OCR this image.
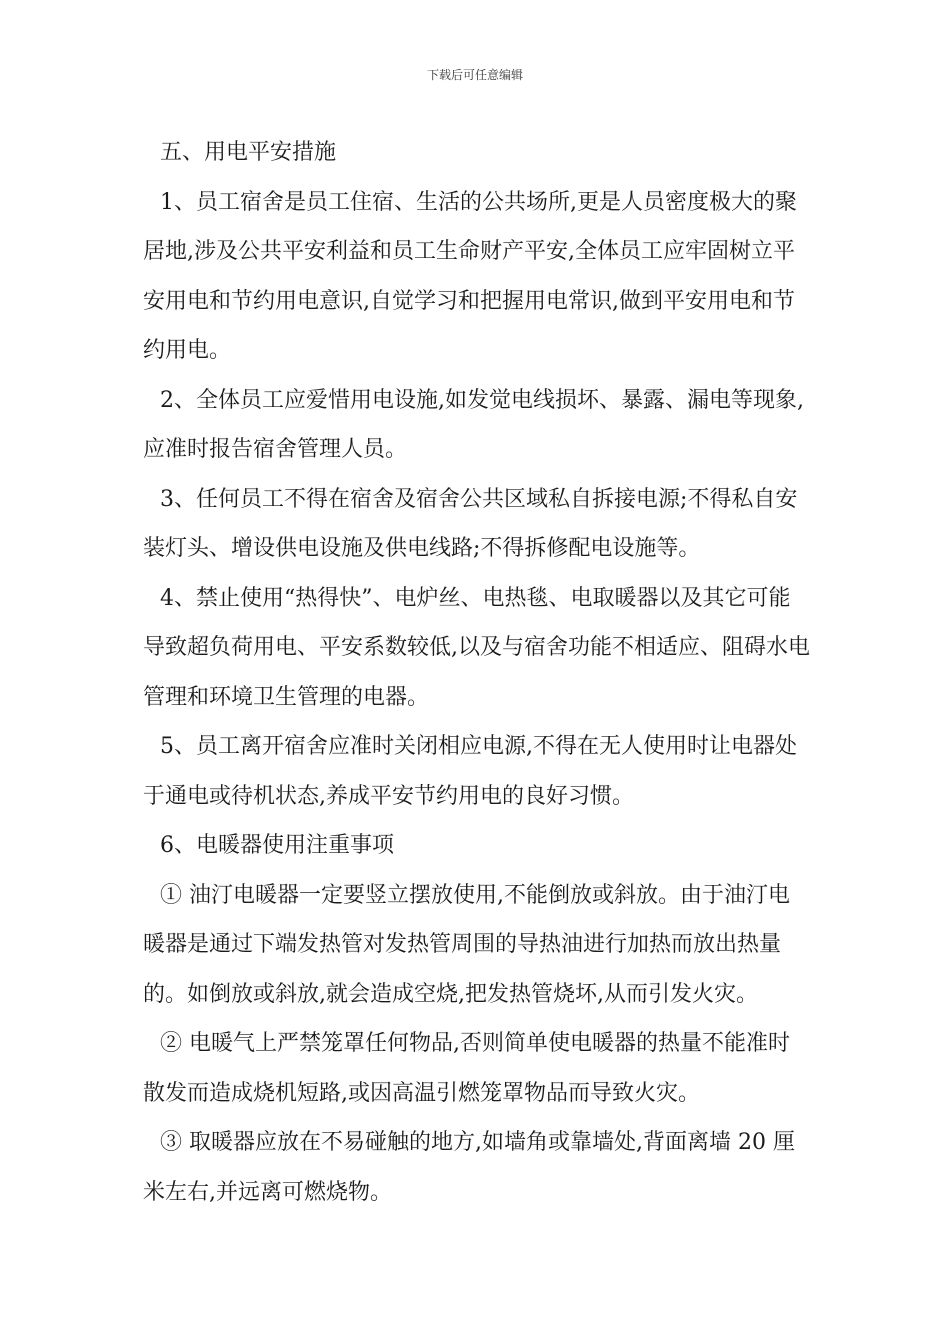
下载后可任意编辑

五、用电平安措施

1、员工宿舍是员工住宿、生活的公共场所,更是人员密度极大的聚居地,涉及公共平安利益和员工生命财产平安,全体员工应牢固树立平安用电和节约用电意识,自觉学习和把握用电常识,做到平安用电和节约用电。

2、全体员工应爱惜用电设施,如发觉电线损坏、暴露、漏电等现象,应准时报告宿舍管理人员。

3、任何员工不得在宿舍及宿舍公共区域私自拆接电源;不得私自安装灯头、增设供电设施及供电线路;不得拆修配电设施等。

4、禁止使用“热得快”、电炉丝、电热毯、电取暖器以及其它可能导致超负荷用电、平安系数较低,以及与宿舍功能不相适应、阻碍水电管理和环境卫生管理的电器。

5、员工离开宿舍应准时关闭相应电源,不得在无人使用时让电器处于通电或待机状态,养成平安节约用电的良好习惯。

6、电暖器使用注重事项

① 油汀电暖器一定要竖立摆放使用,不能倒放或斜放。由于油汀电暖器是通过下端发热管对发热管周围的导热油进行加热而放出热量的。如倒放或斜放,就会造成空烧,把发热管烧坏,从而引发火灾。

② 电暖气上严禁笼罩任何物品,否则简单使电暖器的热量不能准时散发而造成烧机短路,或因高温引燃笼罩物品而导致火灾。

③ 取暖器应放在不易碰触的地方,如墙角或靠墙处,背面离墙 20 厘米左右,并远离可燃烧物。
